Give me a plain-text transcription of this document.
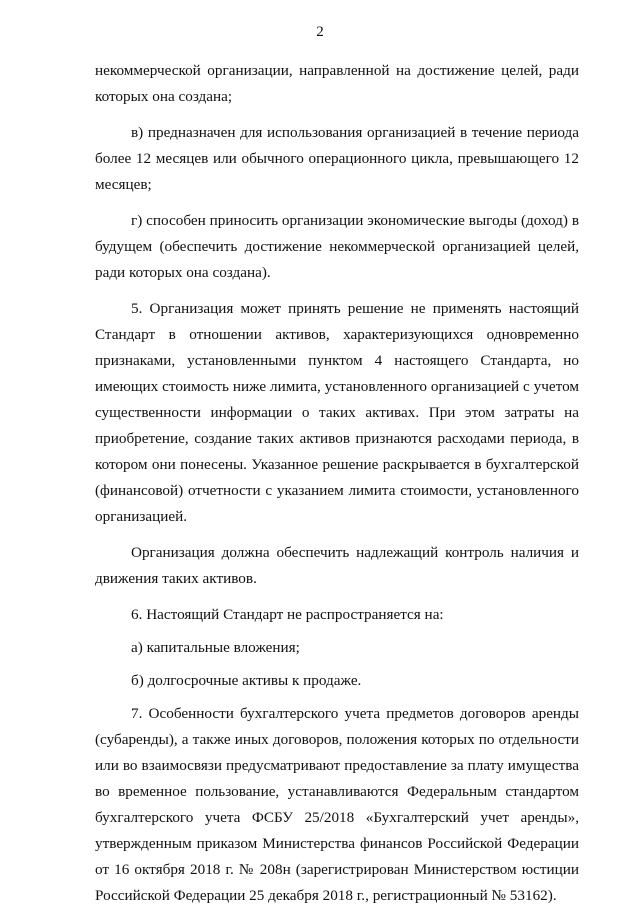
2

некоммерческой организации, направленной на достижение целей, ради которых она создана;

в) предназначен для использования организацией в течение периода более 12 месяцев или обычного операционного цикла, превышающего 12 месяцев;

г) способен приносить организации экономические выгоды (доход) в будущем (обеспечить достижение некоммерческой организацией целей, ради которых она создана).

5. Организация может принять решение не применять настоящий Стандарт в отношении активов, характеризующихся одновременно признаками, установленными пунктом 4 настоящего Стандарта, но имеющих стоимость ниже лимита, установленного организацией с учетом существенности информации о таких активах. При этом затраты на приобретение, создание таких активов признаются расходами периода, в котором они понесены. Указанное решение раскрывается в бухгалтерской (финансовой) отчетности с указанием лимита стоимости, установленного организацией.

Организация должна обеспечить надлежащий контроль наличия и движения таких активов.

6. Настоящий Стандарт не распространяется на:

а) капитальные вложения;

б) долгосрочные активы к продаже.

7. Особенности бухгалтерского учета предметов договоров аренды (субаренды), а также иных договоров, положения которых по отдельности или во взаимосвязи предусматривают предоставление за плату имущества во временное пользование, устанавливаются Федеральным стандартом бухгалтерского учета ФСБУ 25/2018 «Бухгалтерский учет аренды», утвержденным приказом Министерства финансов Российской Федерации от 16 октября 2018 г. № 208н (зарегистрирован Министерством юстиции Российской Федерации 25 декабря 2018 г., регистрационный № 53162).
